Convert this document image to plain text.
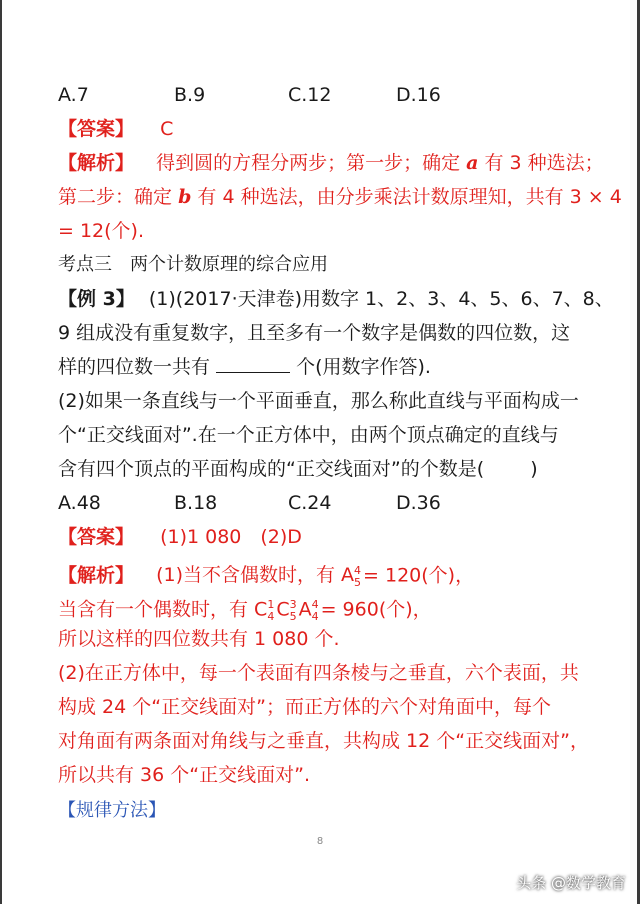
A.7	B.9	C.12	D.16
【答案】 C
【解析】 得到圆的方程分两步；第一步；确定 a 有 3 种选法；
第二步：确定 b 有 4 种选法，由分步乘法计数原理知，共有 3 × 4
= 12(个).
考点三　两个计数原理的综合应用
【例 3】 (1)(2017·天津卷)用数字 1、2、3、4、5、6、7、8、
9 组成没有重复数字，且至多有一个数字是偶数的四位数，这
样的四位数一共有	个(用数字作答).
(2)如果一条直线与一个平面垂直，那么称此直线与平面构成一
个“正交线面对”.在一个正方体中，由两个顶点确定的直线与
含有四个顶点的平面构成的“正交线面对”的个数是( )
A.48	B.18	C.24	D.36
【答案】 (1)1 080　(2)D
【解析】 (1)当不含偶数时，有 $A^4_5 = 120$(个)，
当含有一个偶数时，有 $C^1_4$ $C^3_5$ $A^4_4 = 960$(个)，
所以这样的四位数共有 1 080 个.
(2)在正方体中，每一个表面有四条棱与之垂直，六个表面，共
构成 24 个“正交线面对”；而正方体的六个对角面中，每个
对角面有两条面对角线与之垂直，共构成 12 个“正交线面对”，
所以共有 36 个“正交线面对”.
【规律方法】
8
头条 @数学教育
